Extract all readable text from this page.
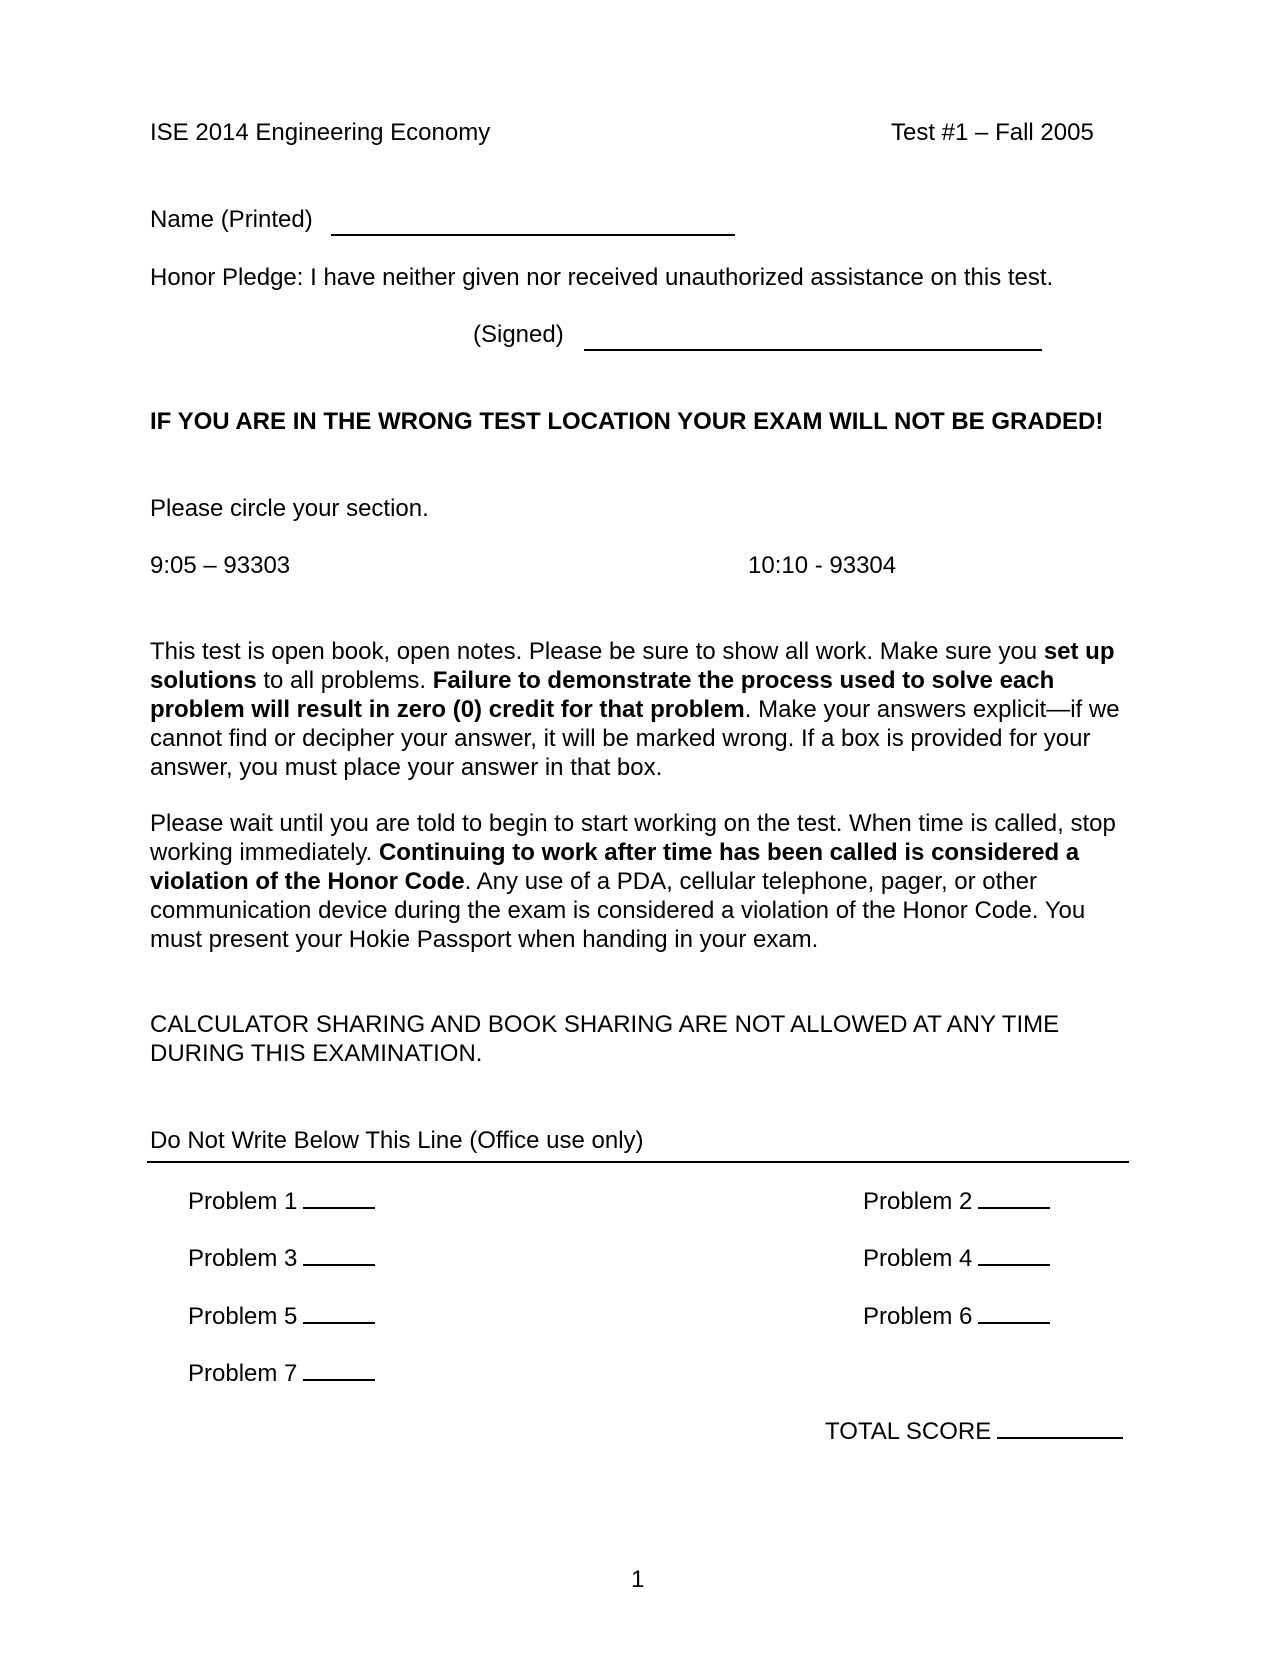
ISE 2014 Engineering Economy	Test #1 – Fall 2005
Name (Printed)
Honor Pledge: I have neither given nor received unauthorized assistance on this test.
(Signed)
IF YOU ARE IN THE WRONG TEST LOCATION YOUR EXAM WILL NOT BE GRADED!
Please circle your section.
9:05 – 93303	10:10 - 93304
This test is open book, open notes. Please be sure to show all work. Make sure you set up solutions to all problems. Failure to demonstrate the process used to solve each problem will result in zero (0) credit for that problem. Make your answers explicit—if we cannot find or decipher your answer, it will be marked wrong. If a box is provided for your answer, you must place your answer in that box.
Please wait until you are told to begin to start working on the test. When time is called, stop working immediately. Continuing to work after time has been called is considered a violation of the Honor Code. Any use of a PDA, cellular telephone, pager, or other communication device during the exam is considered a violation of the Honor Code. You must present your Hokie Passport when handing in your exam.
CALCULATOR SHARING AND BOOK SHARING ARE NOT ALLOWED AT ANY TIME DURING THIS EXAMINATION.
Do Not Write Below This Line (Office use only)
Problem 1	Problem 2
Problem 3	Problem 4
Problem 5	Problem 6
Problem 7
TOTAL SCORE
1
